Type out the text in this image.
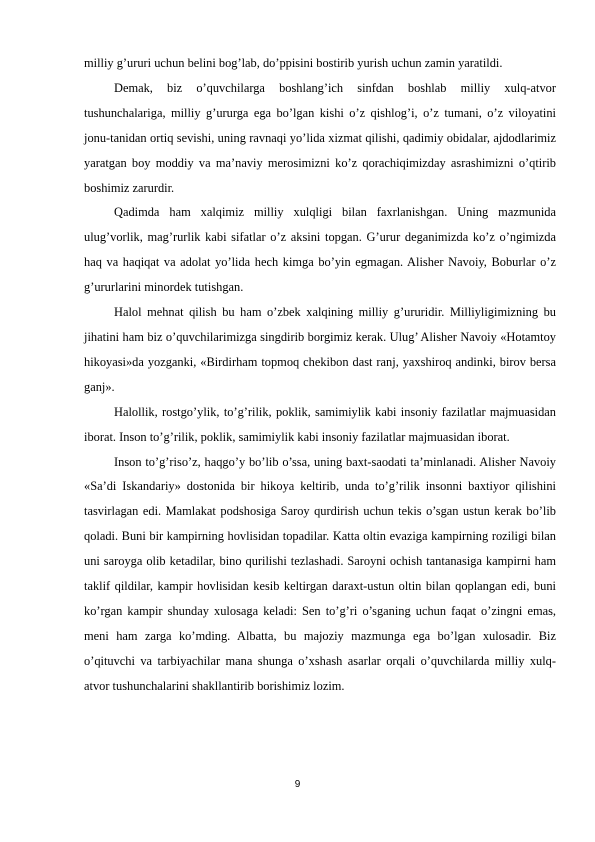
milliy g’ururi uchun belini bog’lab, do’ppisini bostirib yurish uchun zamin yaratildi.

Demak, biz o’quvchilarga boshlang’ich sinfdan boshlab milliy xulq-atvor tushunchalariga, milliy g’ururga ega bo’lgan kishi o’z qishlog’i, o’z tumani, o’z viloyatini jonu-tanidan ortiq sevishi, uning ravnaqi yo’lida xizmat qilishi, qadimiy obidalar, ajdodlarimiz yaratgan boy moddiy va ma’naviy merosimizni ko’z qorachiqimizday asrashimizni o’qtirib boshimiz zarurdir.

Qadimda ham xalqimiz milliy xulqligi bilan faxrlanishgan. Uning mazmunida ulug’vorlik, mag’rurlik kabi sifatlar o’z aksini topgan. G’urur deganimizda ko’z o’ngimizda haq va haqiqat va adolat yo’lida hech kimga bo’yin egmagan. Alisher Navoiy, Boburlar o’z g’ururlarini minordek tutishgan.

Halol mehnat qilish bu ham o’zbek xalqining milliy g’ururidir. Milliyligimizning bu jihatini ham biz o’quvchilarimizga singdirib borgimiz kerak. Ulug’ Alisher Navoiy «Hotamtoy hikoyasi»da yozganki, «Birdirham topmoq chekibon dast ranj, yaxshiroq andinki, birov bersa ganj».

Halollik, rostgo’ylik, to’g’rilik, poklik, samimiylik kabi insoniy fazilatlar majmuasidan iborat. Inson to’g’rilik, poklik, samimiylik kabi insoniy fazilatlar majmuasidan iborat.

Inson to’g’riso’z, haqgo’y bo’lib o’ssa, uning baxt-saodati ta’minlanadi. Alisher Navoiy «Sa’di Iskandariy» dostonida bir hikoya keltirib, unda to’g’rilik insonni baxtiyor qilishini tasvirlagan edi. Mamlakat podshosiga Saroy qurdirish uchun tekis o’sgan ustun kerak bo’lib qoladi. Buni bir kampirning hovlisidan topadilar. Katta oltin evaziga kampirning roziligi bilan uni saroyga olib ketadilar, bino qurilishi tezlashadi. Saroyni ochish tantanasiga kampirni ham taklif qildilar, kampir hovlisidan kesib keltirgan daraxt-ustun oltin bilan qoplangan edi, buni ko’rgan kampir shunday xulosaga keladi: Sen to’g’ri o’sganing uchun faqat o’zingni emas, meni ham zarga ko’mding. Albatta, bu majoziy mazmunga ega bo’lgan xulosadir. Biz o’qituvchi va tarbiyachilar mana shunga o’xshash asarlar orqali o’quvchilarda milliy xulq-atvor tushunchalarini shakllantirib borishimiz lozim.

9
